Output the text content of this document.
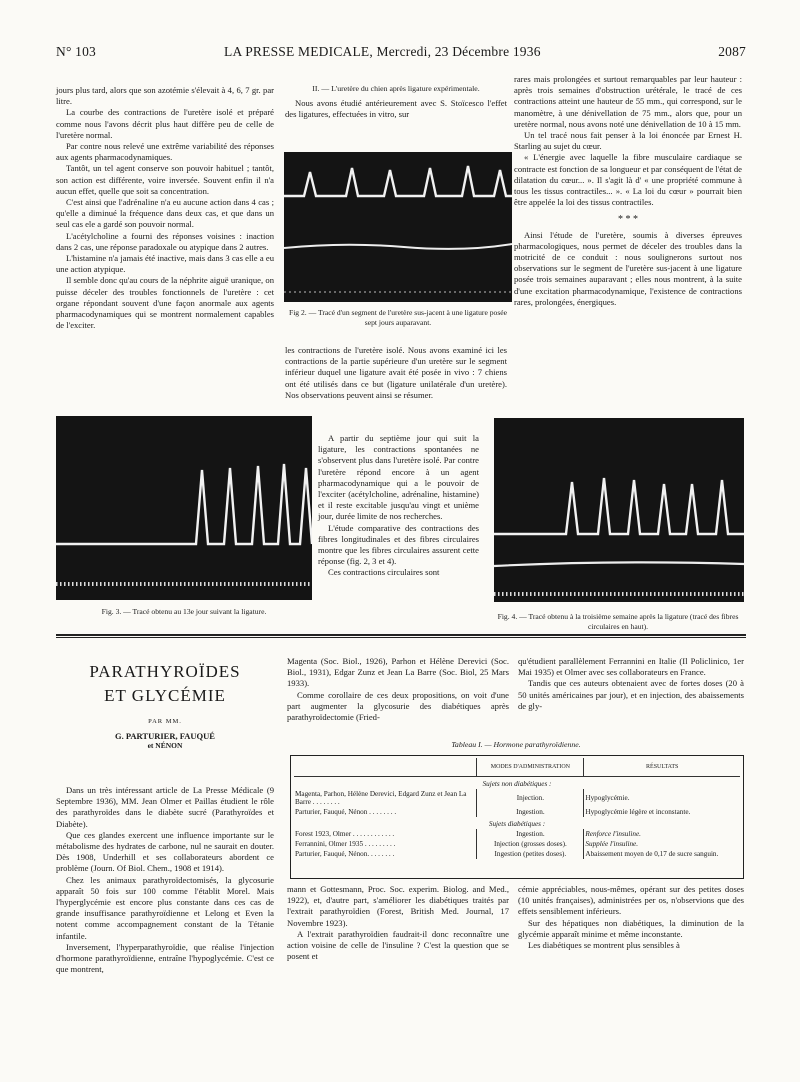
N° 103	LA PRESSE MEDICALE, Mercredi, 23 Décembre 1936	2087

jours plus tard, alors que son azotémie s'élevait à 4, 6, 7 gr. par litre.

La courbe des contractions de l'uretère isolé et préparé comme nous l'avons décrit plus haut diffère peu de celle de l'uretère normal.

Par contre nous relevé une extrême variabilité des réponses aux agents pharmacodynamiques.

Tantôt, un tel agent conserve son pouvoir habituel ; tantôt, son action est différente, voire inversée. Souvent enfin il n'a aucun effet, quelle que soit sa concentration.

C'est ainsi que l'adrénaline n'a eu aucune action dans 4 cas ; qu'elle a diminué la fréquence dans deux cas, et que dans un seul cas ele a gardé son pouvoir normal.

L'acétylcholine a fourni des réponses voisines : inaction dans 2 cas, une réponse paradoxale ou atypique dans 2 autres.

L'histamine n'a jamais été inactive, mais dans 3 cas elle a eu une action atypique.

Il semble donc qu'au cours de la néphrite aiguë uranique, on puisse déceler des troubles fonctionnels de l'uretère : cet organe répondant souvent d'une façon anormale aux agents pharmacodynamiques qui se montrent normalement capables de l'exciter.

II. — L'uretère du chien après ligature expérimentale.

Nous avons étudié antérieurement avec S. Stoïcesco l'effet des ligatures, effectuées in vitro, sur

Fig 2. — Tracé d'un segment de l'uretère sus-jacent à une ligature posée sept jours auparavant.

les contractions de l'uretère isolé. Nous avons examiné ici les contractions de la partie supérieure d'un uretère sur le segment inférieur duquel une ligature avait été posée in vivo : 7 chiens ont été utilisés dans ce but (ligature unilatérale d'un uretère). Nos observations peuvent ainsi se résumer.

rares mais prolongées et surtout remarquables par leur hauteur : après trois semaines d'obstruction urétérale, le tracé de ces contractions atteint une hauteur de 55 mm., qui correspond, sur le manomètre, à une dénivellation de 75 mm., alors que, pour un uretère normal, nous avons noté une dénivellation de 10 à 15 mm.

Un tel tracé nous fait penser à la loi énoncée par Ernest H. Starling au sujet du cœur.

« L'énergie avec laquelle la fibre musculaire cardiaque se contracte est fonction de sa longueur et par conséquent de l'état de dilatation du cœur... ». Il s'agit là d' « une propriété commune à tous les tissus contractiles... ». « La loi du cœur » pourrait bien être appelée la loi des tissus contractiles.

* * *

Ainsi l'étude de l'uretère, soumis à diverses épreuves pharmacologiques, nous permet de déceler des troubles dans la motricité de ce conduit : nous soulignerons surtout nos observations sur le segment de l'uretère sus-jacent à une ligature posée trois semaines auparavant ; elles nous montrent, à la suite d'une excitation pharmacodynamique, l'existence de contractions rares, prolongées, énergiques.

Fig. 3. — Tracé obtenu au 13e jour suivant la ligature.

A partir du septième jour qui suit la ligature, les contractions spontanées ne s'observent plus dans l'uretère isolé. Par contre l'uretère répond encore à un agent pharmacodynamique qui a le pouvoir de l'exciter (acétylcholine, adrénaline, histamine) et il reste excitable jusqu'au vingt et unième jour, durée limite de nos recherches.

L'étude comparative des contractions des fibres longitudinales et des fibres circulaires montre que les fibres circulaires assurent cette réponse (fig. 2, 3 et 4).

Ces contractions circulaires sont

Fig. 4. — Tracé obtenu à la troisième semaine après la ligature (tracé des fibres circulaires en haut).
PARATHYROÏDES
ET GLYCÉMIE
PAR MM.
G. PARTURIER, FAUQUÉ
et NÉNON

Dans un très intéressant article de La Presse Médicale (9 Septembre 1936), MM. Jean Olmer et Paillas étudient le rôle des parathyroïdes dans le diabète sucré (Parathyroïdes et Diabète).

Que ces glandes exercent une influence importante sur le métabolisme des hydrates de carbone, nul ne saurait en douter. Dès 1908, Underhill et ses collaborateurs abordent ce problème (Journ. Of Biol. Chem., 1908 et 1914).

Chez les animaux parathyroïdectomisés, la glycosurie apparaît 50 fois sur 100 comme l'établit Morel. Mais l'hyperglycémie est encore plus constante dans ces cas de grande insuffisance parathyroïdienne et Lelong et Even la notent comme accompagnement constant de la Tétanie infantile.

Inversement, l'hyperparathyroïdie, que réalise l'injection d'hormone parathyroïdienne, entraîne l'hypoglycémie. C'est ce que montrent,

Magenta (Soc. Biol., 1926), Parhon et Hélène Derevici (Soc. Biol., 1931), Edgar Zunz et Jean La Barre (Soc. Biol, 25 Mars 1933).

Comme corollaire de ces deux propositions, on voit d'une part augmenter la glycosurie des diabétiques après parathyroïdectomie (Fried-

qu'étudient parallèlement Ferrannini en Italie (Il Policlinico, 1er Mai 1935) et Olmer avec ses collaborateurs en France.

Tandis que ces auteurs obtenaient avec de fortes doses (20 à 50 unités américaines par jour), et en injection, des abaissements de gly-

Tableau I. — Hormone parathyroïdienne.
	MODES D'ADMINISTRATION	RÉSULTATS
Sujets non diabétiques :		
Magenta, Parhon, Hélène Derevici, Edgard Zunz et Jean La Barre . . . . . . . .	Injection.	Hypoglycémie.
Parturier, Fauqué, Nénon . . . . . . . .	Ingestion.	Hypoglycémie légère et inconstante.
Sujets diabétiques :		
Forest 1923, Olmer . . . . . . . . . . . .	Ingestion.	Renforce l'insuline.
Ferrannini, Olmer 1935 . . . . . . . . .	Injection (grosses doses).	Supplée l'insuline.
Parturier, Fauqué, Nénon. . . . . . . .	Ingestion (petites doses).	Abaissement moyen de 0,17 de sucre sanguin.

mann et Gottesmann, Proc. Soc. experim. Biolog. and Med., 1922), et, d'autre part, s'améliorer les diabétiques traités par l'extrait parathyroïdien (Forest, British Med. Journal, 17 Novembre 1923).

A l'extrait parathyroïdien faudrait-il donc reconnaître une action voisine de celle de l'insuline ? C'est la question que se posent et

cémie appréciables, nous-mêmes, opérant sur des petites doses (10 unités françaises), administrées per os, n'observions que des effets sensiblement inférieurs.

Sur des hépatiques non diabétiques, la diminution de la glycémie apparaît minime et même inconstante.

Les diabétiques se montrent plus sensibles à
